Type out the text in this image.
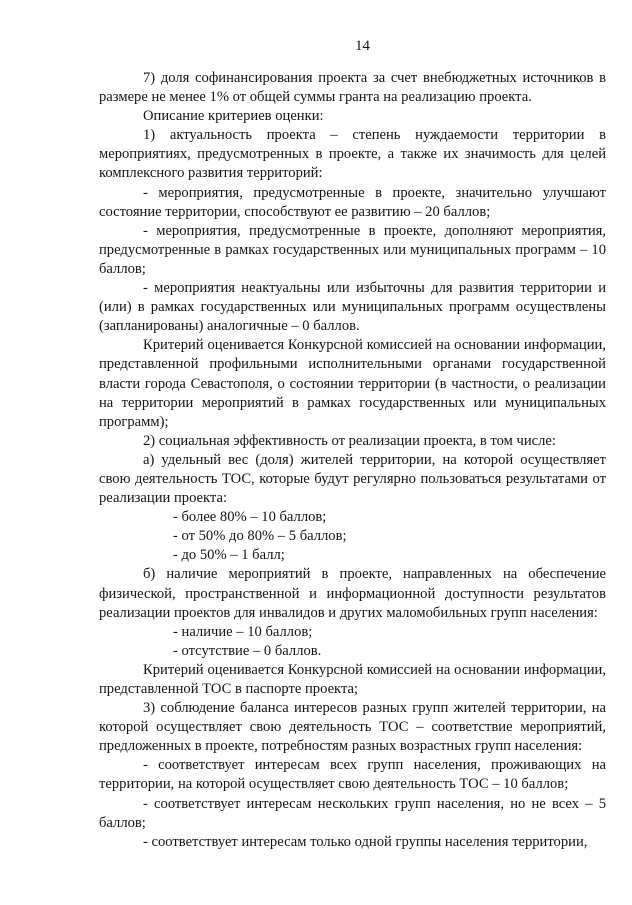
14

7) доля софинансирования проекта за счет внебюджетных источников в размере не менее 1% от общей суммы гранта на реализацию проекта.

Описание критериев оценки:

1) актуальность проекта – степень нуждаемости территории в мероприятиях, предусмотренных в проекте, а также их значимость для целей комплексного развития территорий:

- мероприятия, предусмотренные в проекте, значительно улучшают состояние территории, способствуют ее развитию – 20 баллов;

- мероприятия, предусмотренные в проекте, дополняют мероприятия, предусмотренные в рамках государственных или муниципальных программ – 10 баллов;

- мероприятия неактуальны или избыточны для развития территории и (или) в рамках государственных или муниципальных программ осуществлены (запланированы) аналогичные – 0 баллов.

Критерий оценивается Конкурсной комиссией на основании информации, представленной профильными исполнительными органами государственной власти города Севастополя, о состоянии территории (в частности, о реализации на территории мероприятий в рамках государственных или муниципальных программ);

2) социальная эффективность от реализации проекта, в том числе:

а) удельный вес (доля) жителей территории, на которой осуществляет свою деятельность ТОС, которые будут регулярно пользоваться результатами от реализации проекта:

- более 80% – 10 баллов;

- от 50% до 80% – 5 баллов;

- до 50% – 1 балл;

б) наличие мероприятий в проекте, направленных на обеспечение физической, пространственной и информационной доступности результатов реализации проектов для инвалидов и других маломобильных групп населения:

- наличие – 10 баллов;

- отсутствие – 0 баллов.

Критерий оценивается Конкурсной комиссией на основании информации, представленной ТОС в паспорте проекта;

3) соблюдение баланса интересов разных групп жителей территории, на которой осуществляет свою деятельность ТОС – соответствие мероприятий, предложенных в проекте, потребностям разных возрастных групп населения:

- соответствует интересам всех групп населения, проживающих на территории, на которой осуществляет свою деятельность ТОС – 10 баллов;

- соответствует интересам нескольких групп населения, но не всех – 5 баллов;

- соответствует интересам только одной группы населения территории,
